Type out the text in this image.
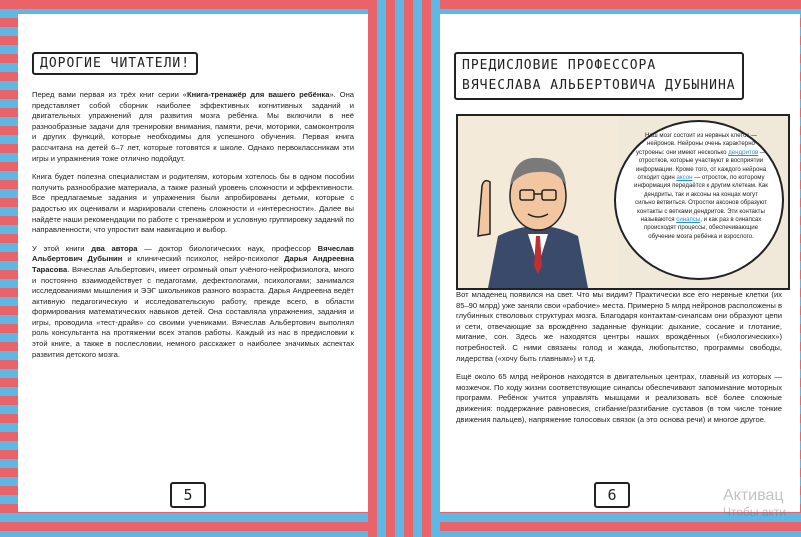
ДОРОГИЕ ЧИТАТЕЛИ!

Перед вами первая из трёх книг серии «Книга-тренажёр для вашего ребёнка». Она представляет собой сборник наиболее эффективных когнитивных заданий и двигательных упражнений для развития мозга ребёнка. Мы включили в неё разнообразные задачи для тренировки внимания, памяти, речи, моторики, самоконтроля и других функций, которые необходимы для успешного обучения. Первая книга рассчитана на детей 6–7 лет, которые готовятся к школе. Однако первоклассникам эти игры и упражнения тоже отлично подойдут.

Книга будет полезна специалистам и родителям, которым хотелось бы в одном пособии получить разнообразие материала, а также разный уровень сложности и эффективности. Все предлагаемые задания и упражнения были апробированы детьми, которые с радостью их оценивали и маркировали степень сложности и «интересности». Далее вы найдёте наши рекомендации по работе с тренажёром и условную группировку заданий по направленности, что упростит вам навигацию и выбор.

У этой книги два автора — доктор биологических наук, профессор Вячеслав Альбертович Дубынин и клинический психолог, нейро-психолог Дарья Андреевна Тарасова. Вячеслав Альбертович, имеет огромный опыт учёного-нейрофизиолога, много и постоянно взаимодействует с педагогами, дефектологами, психологами; занимался исследованиями мышления и ЭЭГ школьников разного возраста. Дарья Андреевна ведёт активную педагогическую и исследовательскую работу, прежде всего, в области формирования математических навыков детей. Она составляла упражнения, задания и игры, проводила «тест-драйв» со своими учениками. Вячеслав Альбертович выполнял роль консультанта на протяжении всех этапов работы. Каждый из нас в предисловии к этой книге, а также в послесловии, немного расскажет о наиболее значимых аспектах развития детского мозга.

5
ПРЕДИСЛОВИЕ ПРОФЕССОРА
ВЯЧЕСЛАВА АЛЬБЕРТОВИЧА ДУБЫНИНА
Наш мозг состоит из нервных клеток — нейронов. Нейроны очень характерно устроены: они имеют несколько дендритов — отростков, которые участвуют в восприятии информации. Кроме того, от каждого нейрона отходит один аксон — отросток, по которому информация передаётся к другим клеткам. Как дендриты, так и аксоны на концах могут сильно ветвиться. Отростки аксонов образуют контакты с ветками дендритов. Эти контакты называются синапсы, и как раз в синапсах происходят процессы, обеспечивающие обучение мозга ребёнка и взрослого.

Вот младенец появился на свет. Что мы видим? Практически все его нервные клетки (их 85–90 млрд) уже заняли свои «рабочие» места. Примерно 5 млрд нейронов расположены в глубинных стволовых структурах мозга. Благодаря контактам-синапсам они образуют цепи и сети, отвечающие за врождённо заданные функции: дыхание, сосание и глотание, мигание, сон. Здесь же находятся центры наших врождённых («биологических») потребностей. С ними связаны голод и жажда, любопытство, программы свободы, лидерства («хочу быть главным») и т.д.

Ещё около 65 млрд нейронов находятся в двигательных центрах, главный из которых — мозжечок. По ходу жизни соответствующие синапсы обеспечивают запоминание моторных программ. Ребёнок учится управлять мышцами и реализовать всё более сложные движения: поддержание равновесия, сгибание/разгибание суставов (в том числе тонкие движения пальцев), напряжение голосовых связок (а это основа речи) и многое другое.

6	Активац
Чтобы акти
